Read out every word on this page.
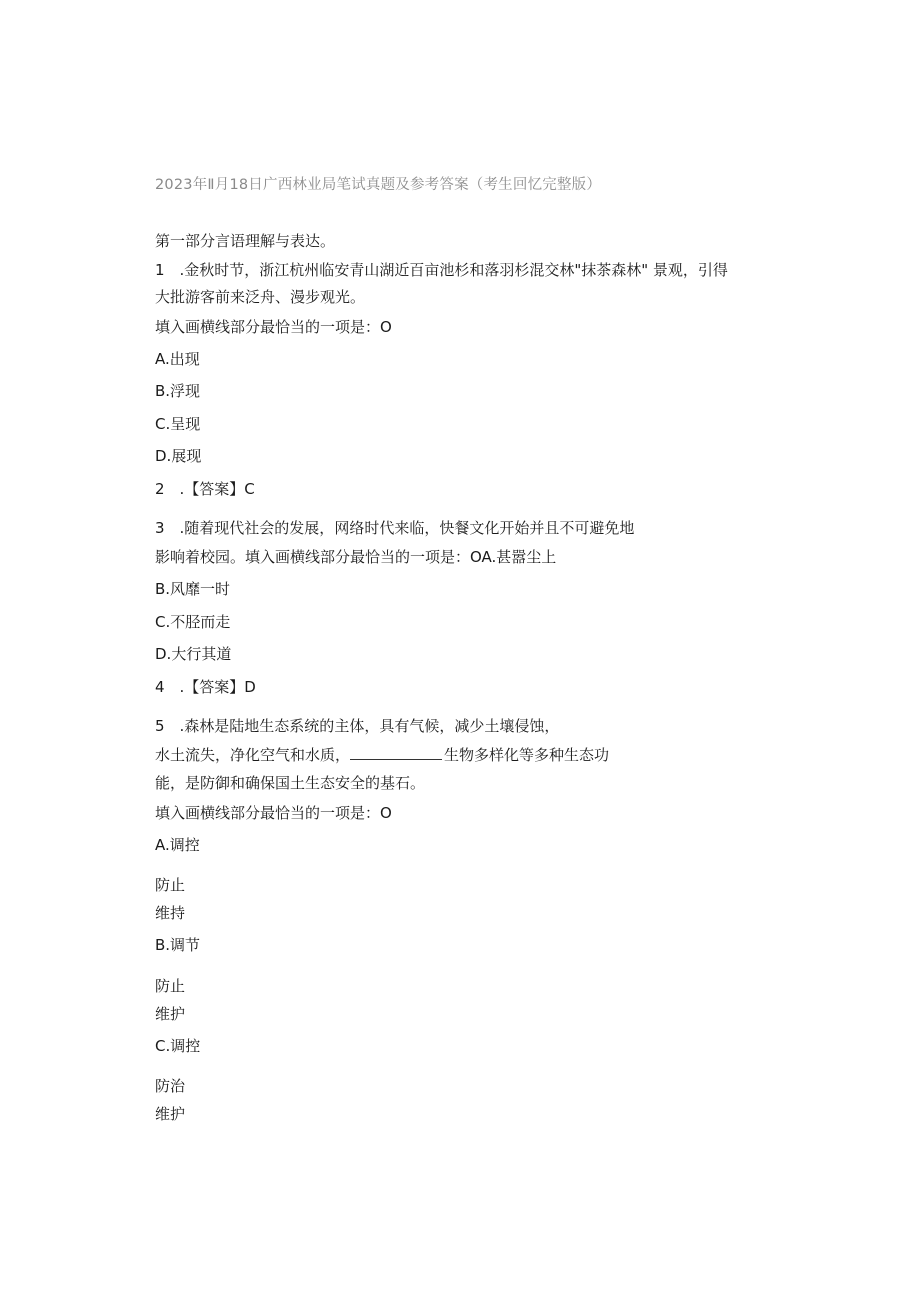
2023年Ⅱ月18日广西林业局笔试真题及参考答案（考生回忆完整版）
第一部分言语理解与表达。
1 .金秋时节，浙江杭州临安青山湖近百亩池杉和落羽杉混交林"抹茶森林" 景观，引得
大批游客前来泛舟、漫步观光。
填入画横线部分最恰当的一项是：O
A.出现
B.浮现
C.呈现
D.展现
2 .【答案】C
3 .随着现代社会的发展，网络时代来临，快餐文化开始并且不可避免地
影响着校园。填入画横线部分最恰当的一项是：OA.甚嚣尘上
B.风靡一时
C.不胫而走
D.大行其道
4 .【答案】D
5 .森林是陆地生态系统的主体，具有气候，减少土壤侵蚀，
水土流失，净化空气和水质，	生物多样化等多种生态功
能，是防御和确保国土生态安全的基石。
填入画横线部分最恰当的一项是：O
A.调控
防止
维持
B.调节
防止
维护
C.调控
防治
维护
